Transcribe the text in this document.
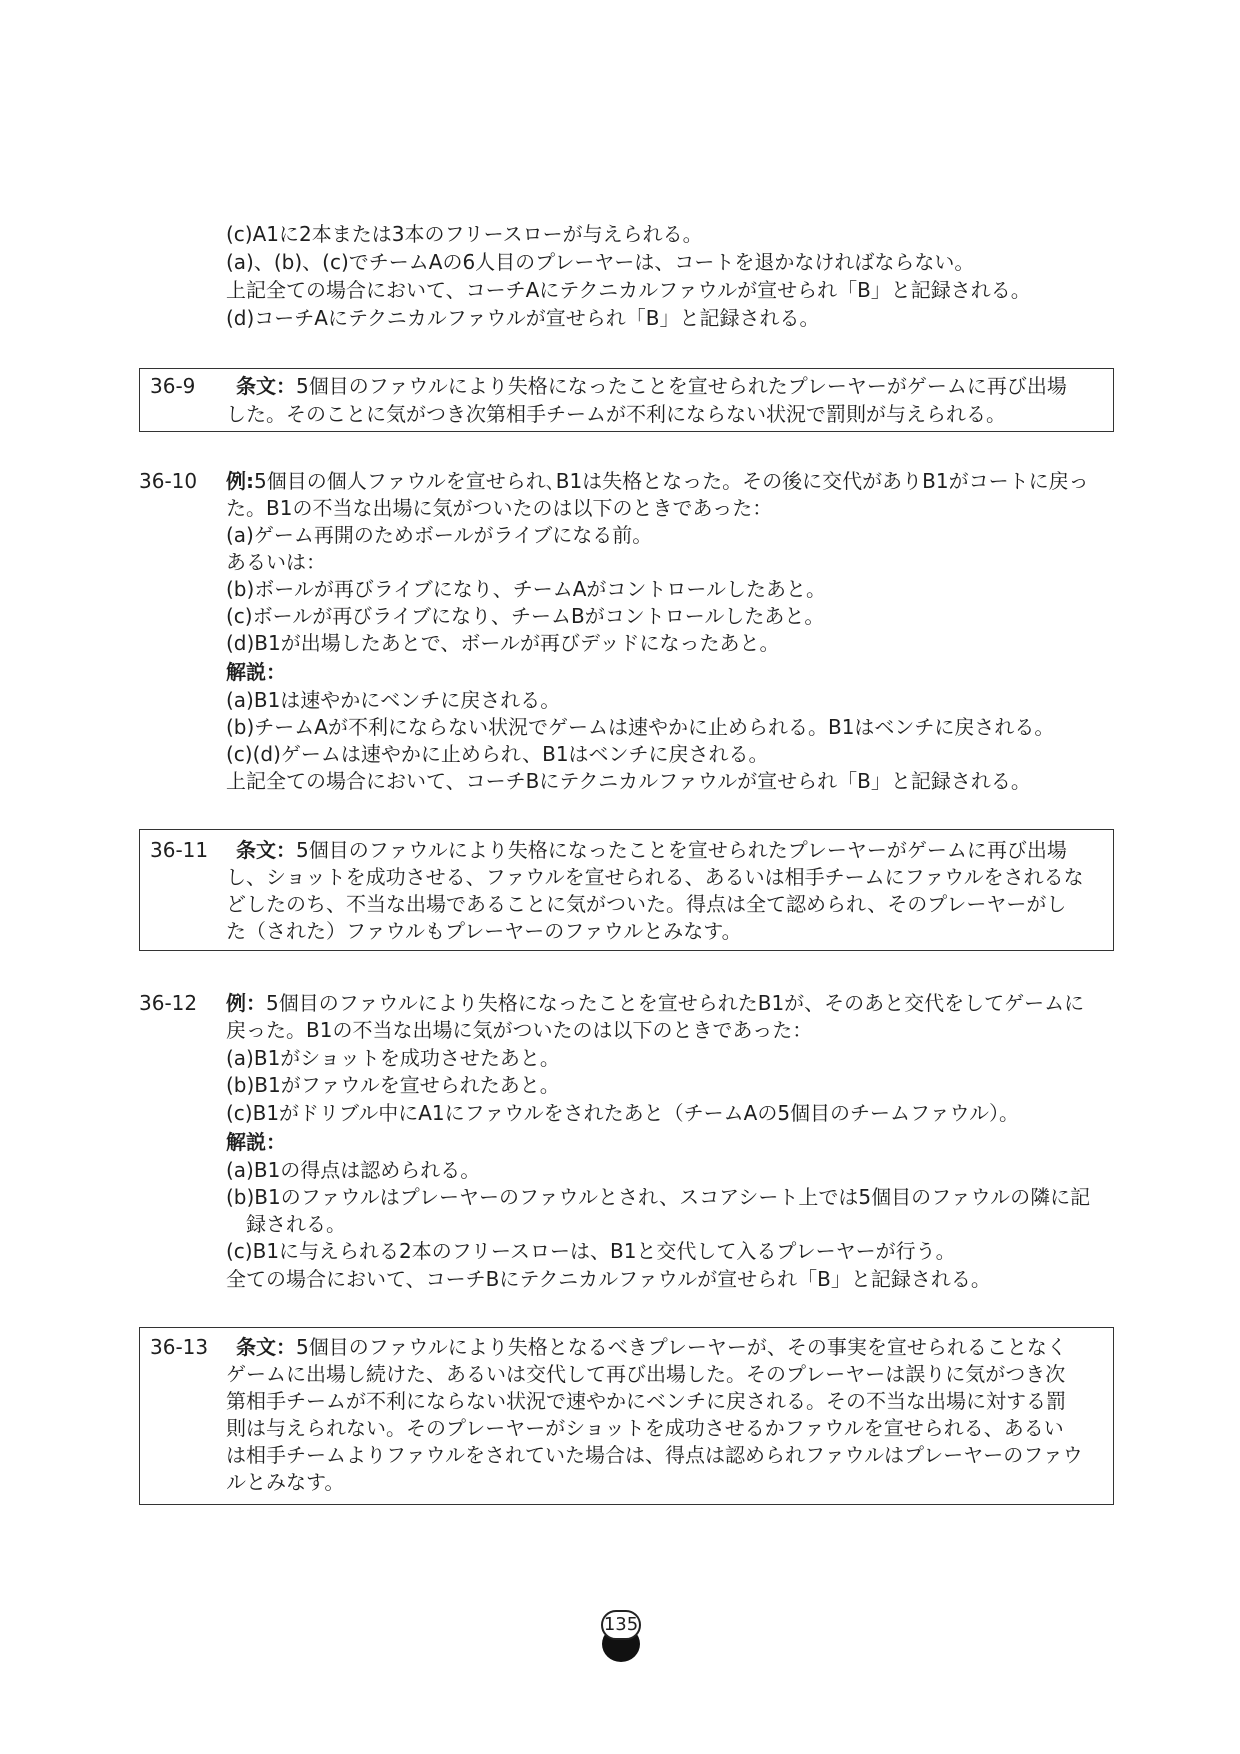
(c)A1に2本または3本のフリースローが与えられる。
(a)、(b)、(c)でチームAの6人目のプレーヤーは、コートを退かなければならない。
上記全ての場合において、コーチAにテクニカルファウルが宣せられ「B」と記録される。
(d)コーチAにテクニカルファウルが宣せられ「B」と記録される。
36-9 条文：5個目のファウルにより失格になったことを宣せられたプレーヤーがゲームに再び出場
した。そのことに気がつき次第相手チームが不利にならない状況で罰則が与えられる。
36-10 例:5個目の個人ファウルを宣せられ､B1は失格となった。その後に交代がありB1がコートに戻っ
た。B1の不当な出場に気がついたのは以下のときであった：
(a)ゲーム再開のためボールがライブになる前。
あるいは：
(b)ボールが再びライブになり、チームAがコントロールしたあと。
(c)ボールが再びライブになり、チームBがコントロールしたあと。
(d)B1が出場したあとで、ボールが再びデッドになったあと。
解説：
(a)B1は速やかにベンチに戻される。
(b)チームAが不利にならない状況でゲームは速やかに止められる。B1はベンチに戻される。
(c)(d)ゲームは速やかに止められ、B1はベンチに戻される。
上記全ての場合において、コーチBにテクニカルファウルが宣せられ「B」と記録される。
36-11 条文：5個目のファウルにより失格になったことを宣せられたプレーヤーがゲームに再び出場
し、ショットを成功させる、ファウルを宣せられる、あるいは相手チームにファウルをされるな
どしたのち、不当な出場であることに気がついた。得点は全て認められ、そのプレーヤーがし
た（された）ファウルもプレーヤーのファウルとみなす。
36-12 例：5個目のファウルにより失格になったことを宣せられたB1が、そのあと交代をしてゲームに
戻った。B1の不当な出場に気がついたのは以下のときであった：
(a)B1がショットを成功させたあと。
(b)B1がファウルを宣せられたあと。
(c)B1がドリブル中にA1にファウルをされたあと（チームAの5個目のチームファウル）。
解説：
(a)B1の得点は認められる。
(b)B1のファウルはプレーヤーのファウルとされ、スコアシート上では5個目のファウルの隣に記
録される。
(c)B1に与えられる2本のフリースローは、B1と交代して入るプレーヤーが行う。
全ての場合において、コーチBにテクニカルファウルが宣せられ「B」と記録される。
36-13 条文：5個目のファウルにより失格となるべきプレーヤーが、その事実を宣せられることなく
ゲームに出場し続けた、あるいは交代して再び出場した。そのプレーヤーは誤りに気がつき次
第相手チームが不利にならない状況で速やかにベンチに戻される。その不当な出場に対する罰
則は与えられない。そのプレーヤーがショットを成功させるかファウルを宣せられる、あるい
は相手チームよりファウルをされていた場合は、得点は認められファウルはプレーヤーのファウ
ルとみなす。
135
